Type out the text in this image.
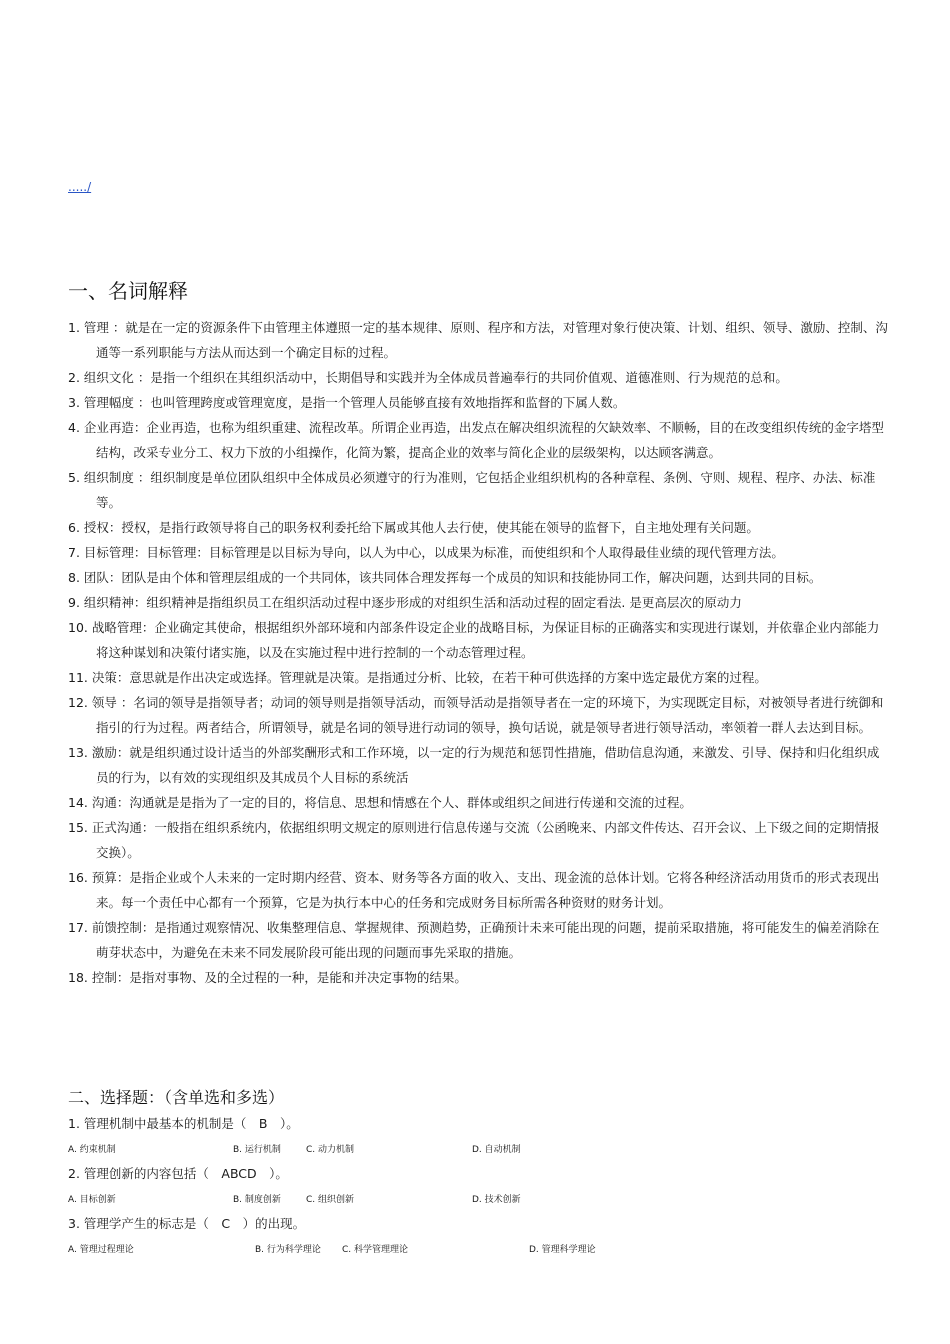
...../
一、名词解释
1. 管理 ：就是在一定的资源条件下由管理主体遵照一定的基本规律、原则、程序和方法，对管理对象行使决策、计划、组织、领导、激励、控制、沟通等一系列职能与方法从而达到一个确定目标的过程。
2. 组织文化 ：是指一个组织在其组织活动中，长期倡导和实践并为全体成员普遍奉行的共同价值观、道德准则、行为规范的总和。
3. 管理幅度 ：也叫管理跨度或管理宽度，是指一个管理人员能够直接有效地指挥和监督的下属人数。
4. 企业再造：企业再造，也称为组织重建、流程改革。所谓企业再造，出发点在解决组织流程的欠缺效率、不顺畅，目的在改变组织传统的金字塔型结构，改采专业分工、权力下放的小组操作，化简为繁，提高企业的效率与简化企业的层级架构，以达顾客满意。
5. 组织制度 ：组织制度是单位团队组织中全体成员必须遵守的行为准则，它包括企业组织机构的各种章程、条例、守则、规程、程序、办法、标准等。
6. 授权：授权，是指行政领导将自己的职务权利委托给下属或其他人去行使，使其能在领导的监督下，自主地处理有关问题。
7. 目标管理：目标管理：目标管理是以目标为导向，以人为中心，以成果为标准，而使组织和个人取得最佳业绩的现代管理方法。
8. 团队：团队是由个体和管理层组成的一个共同体，该共同体合理发挥每一个成员的知识和技能协同工作，解决问题，达到共同的目标。
9. 组织精神：组织精神是指组织员工在组织活动过程中逐步形成的对组织生活和活动过程的固定看法. 是更高层次的原动力
10. 战略管理：企业确定其使命，根据组织外部环境和内部条件设定企业的战略目标，为保证目标的正确落实和实现进行谋划，并依靠企业内部能力将这种谋划和决策付诸实施，以及在实施过程中进行控制的一个动态管理过程。
11. 决策：意思就是作出决定或选择。管理就是决策。是指通过分析、比较，在若干种可供选择的方案中选定最优方案的过程。
12. 领导 ：名词的领导是指领导者；动词的领导则是指领导活动，而领导活动是指领导者在一定的环境下，为实现既定目标，对被领导者进行统御和指引的行为过程。两者结合，所谓领导，就是名词的领导进行动词的领导，换句话说，就是领导者进行领导活动，率领着一群人去达到目标。
13. 激励：就是组织通过设计适当的外部奖酬形式和工作环境，以一定的行为规范和惩罚性措施，借助信息沟通，来激发、引导、保持和归化组织成员的行为，以有效的实现组织及其成员个人目标的系统活
14. 沟通：沟通就是是指为了一定的目的，将信息、思想和情感在个人、群体或组织之间进行传递和交流的过程。
15. 正式沟通：一般指在组织系统内，依据组织明文规定的原则进行信息传递与交流（公函晚来、内部文件传达、召开会议、上下级之间的定期情报交换）。
16. 预算：是指企业或个人未来的一定时期内经营、资本、财务等各方面的收入、支出、现金流的总体计划。它将各种经济活动用货币的形式表现出来。每一个责任中心都有一个预算，它是为执行本中心的任务和完成财务目标所需各种资财的财务计划。
17. 前馈控制：是指通过观察情况、收集整理信息、掌握规律、预测趋势，正确预计未来可能出现的问题，提前采取措施，将可能发生的偏差消除在萌芽状态中，为避免在未来不同发展阶段可能出现的问题而事先采取的措施。
18. 控制：是指对事物、及的全过程的一种，是能和并决定事物的结果。
二、选择题：（含单选和多选）
1. 管理机制中最基本的机制是（　B　）。
A. 约束机制	B. 运行机制	C. 动力机制	D. 自动机制
2. 管理创新的内容包括（　ABCD　）。
A. 目标创新	B. 制度创新	C. 组织创新	D. 技术创新
3. 管理学产生的标志是（　C　）的出现。
A. 管理过程理论	B. 行为科学理论 C. 科学管理理论	D. 管理科学理论
